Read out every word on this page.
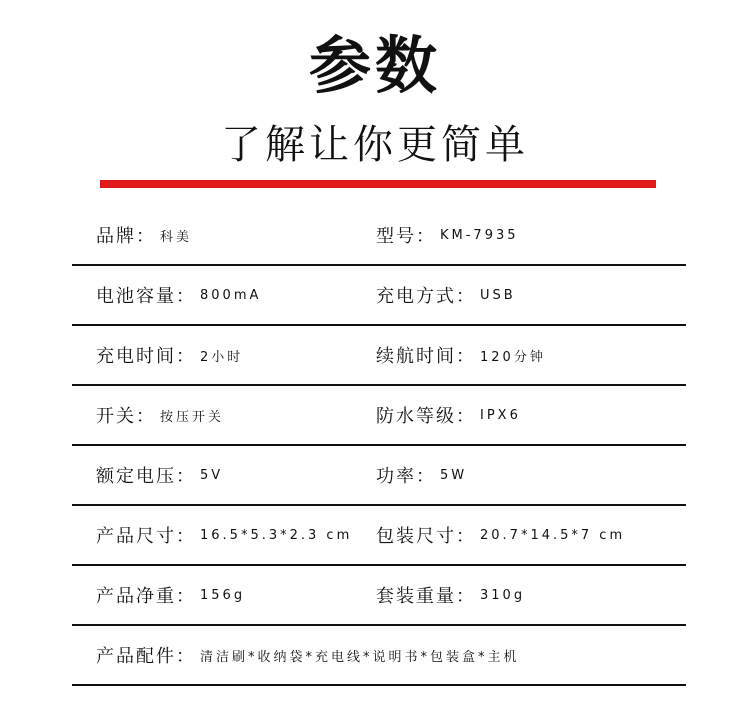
参数
了解让你更简单
品牌： 科美	型号： KM-7935
电池容量： 800mA	充电方式： USB
充电时间： 2小时	续航时间： 120分钟
开关： 按压开关	防水等级： IPX6
额定电压： 5V	功率： 5W
产品尺寸： 16.5*5.3*2.3 cm 包装尺寸： 20.7*14.5*7 cm
产品净重： 156g	套装重量： 310g
产品配件： 清洁刷*收纳袋*充电线*说明书*包装盒*主机
